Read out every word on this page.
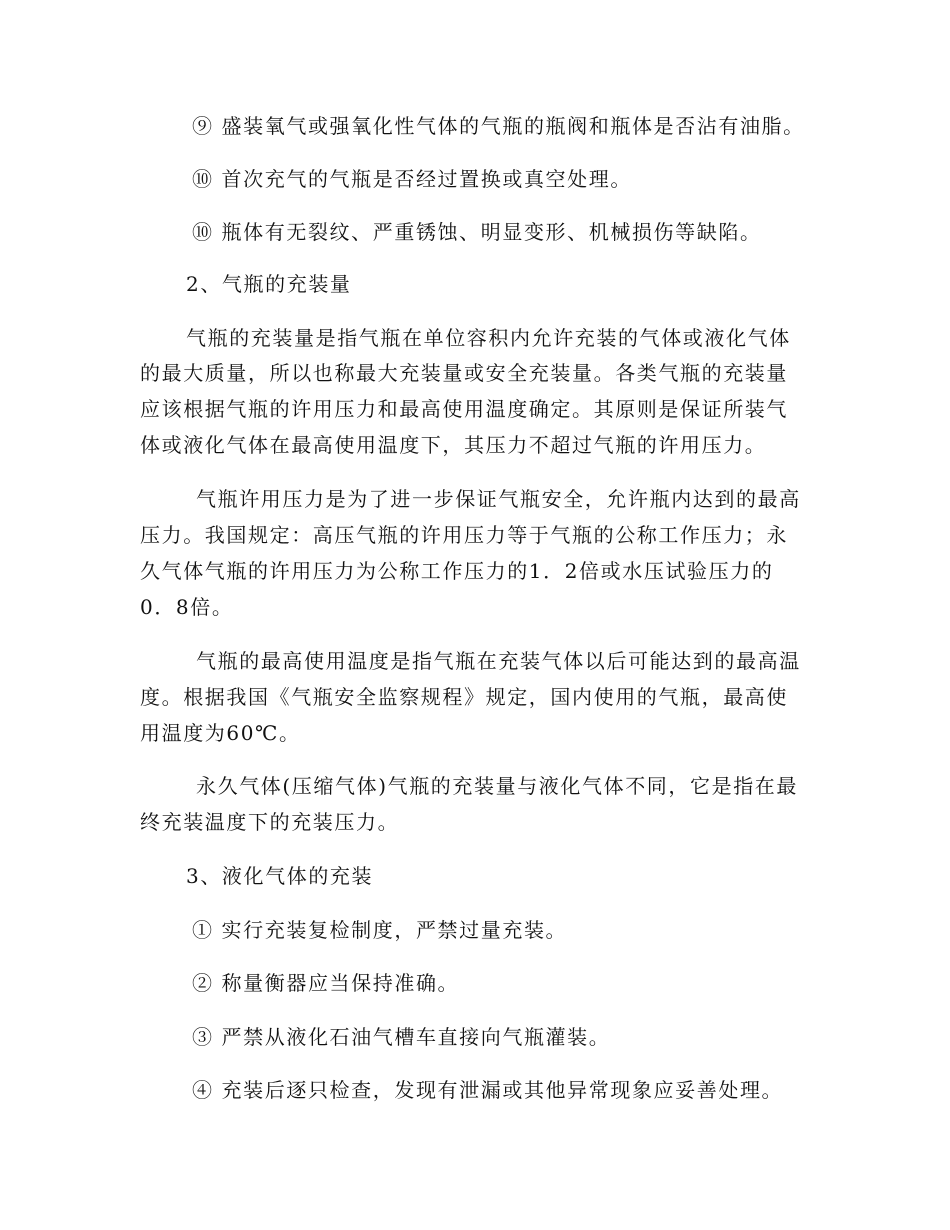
⑨ 盛装氧气或强氧化性气体的气瓶的瓶阀和瓶体是否沾有油脂。
⑩ 首次充气的气瓶是否经过置换或真空处理。
⑩ 瓶体有无裂纹、严重锈蚀、明显变形、机械损伤等缺陷。
2、气瓶的充装量
气瓶的充装量是指气瓶在单位容积内允许充装的气体或液化气体
的最大质量，所以也称最大充装量或安全充装量。各类气瓶的充装量
应该根据气瓶的许用压力和最高使用温度确定。其原则是保证所装气
体或液化气体在最高使用温度下，其压力不超过气瓶的许用压力。
气瓶许用压力是为了进一步保证气瓶安全，允许瓶内达到的最高
压力。我国规定：高压气瓶的许用压力等于气瓶的公称工作压力；永
久气体气瓶的许用压力为公称工作压力的1．2倍或水压试验压力的
0．8倍。
气瓶的最高使用温度是指气瓶在充装气体以后可能达到的最高温
度。根据我国《气瓶安全监察规程》规定，国内使用的气瓶，最高使
用温度为60℃。
永久气体(压缩气体)气瓶的充装量与液化气体不同，它是指在最
终充装温度下的充装压力。
3、液化气体的充装
① 实行充装复检制度，严禁过量充装。
② 称量衡器应当保持准确。
③ 严禁从液化石油气槽车直接向气瓶灌装。
④ 充装后逐只检查，发现有泄漏或其他异常现象应妥善处理。
